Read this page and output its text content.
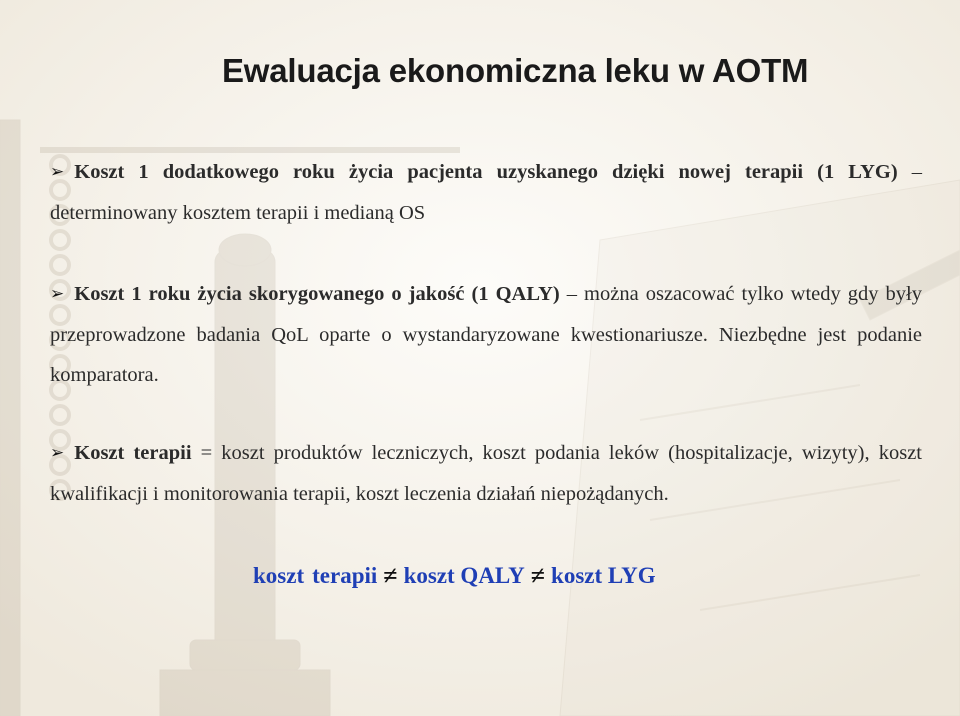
Ewaluacja ekonomiczna leku w AOTM
➢ Koszt 1 dodatkowego roku życia pacjenta uzyskanego dzięki nowej terapii (1 LYG) – determinowany kosztem terapii i medianą OS
➢ Koszt 1 roku życia skorygowanego o jakość (1 QALY) – można oszacować tylko wtedy gdy były przeprowadzone badania QoL oparte o wystandaryzowane kwestionariusze. Niezbędne jest podanie komparatora.
➢ Koszt terapii = koszt produktów leczniczych, koszt podania leków (hospitalizacje, wizyty), koszt kwalifikacji i monitorowania terapii, koszt leczenia działań niepożądanych.
koszt terapii ≠ koszt QALY ≠ koszt LYG
